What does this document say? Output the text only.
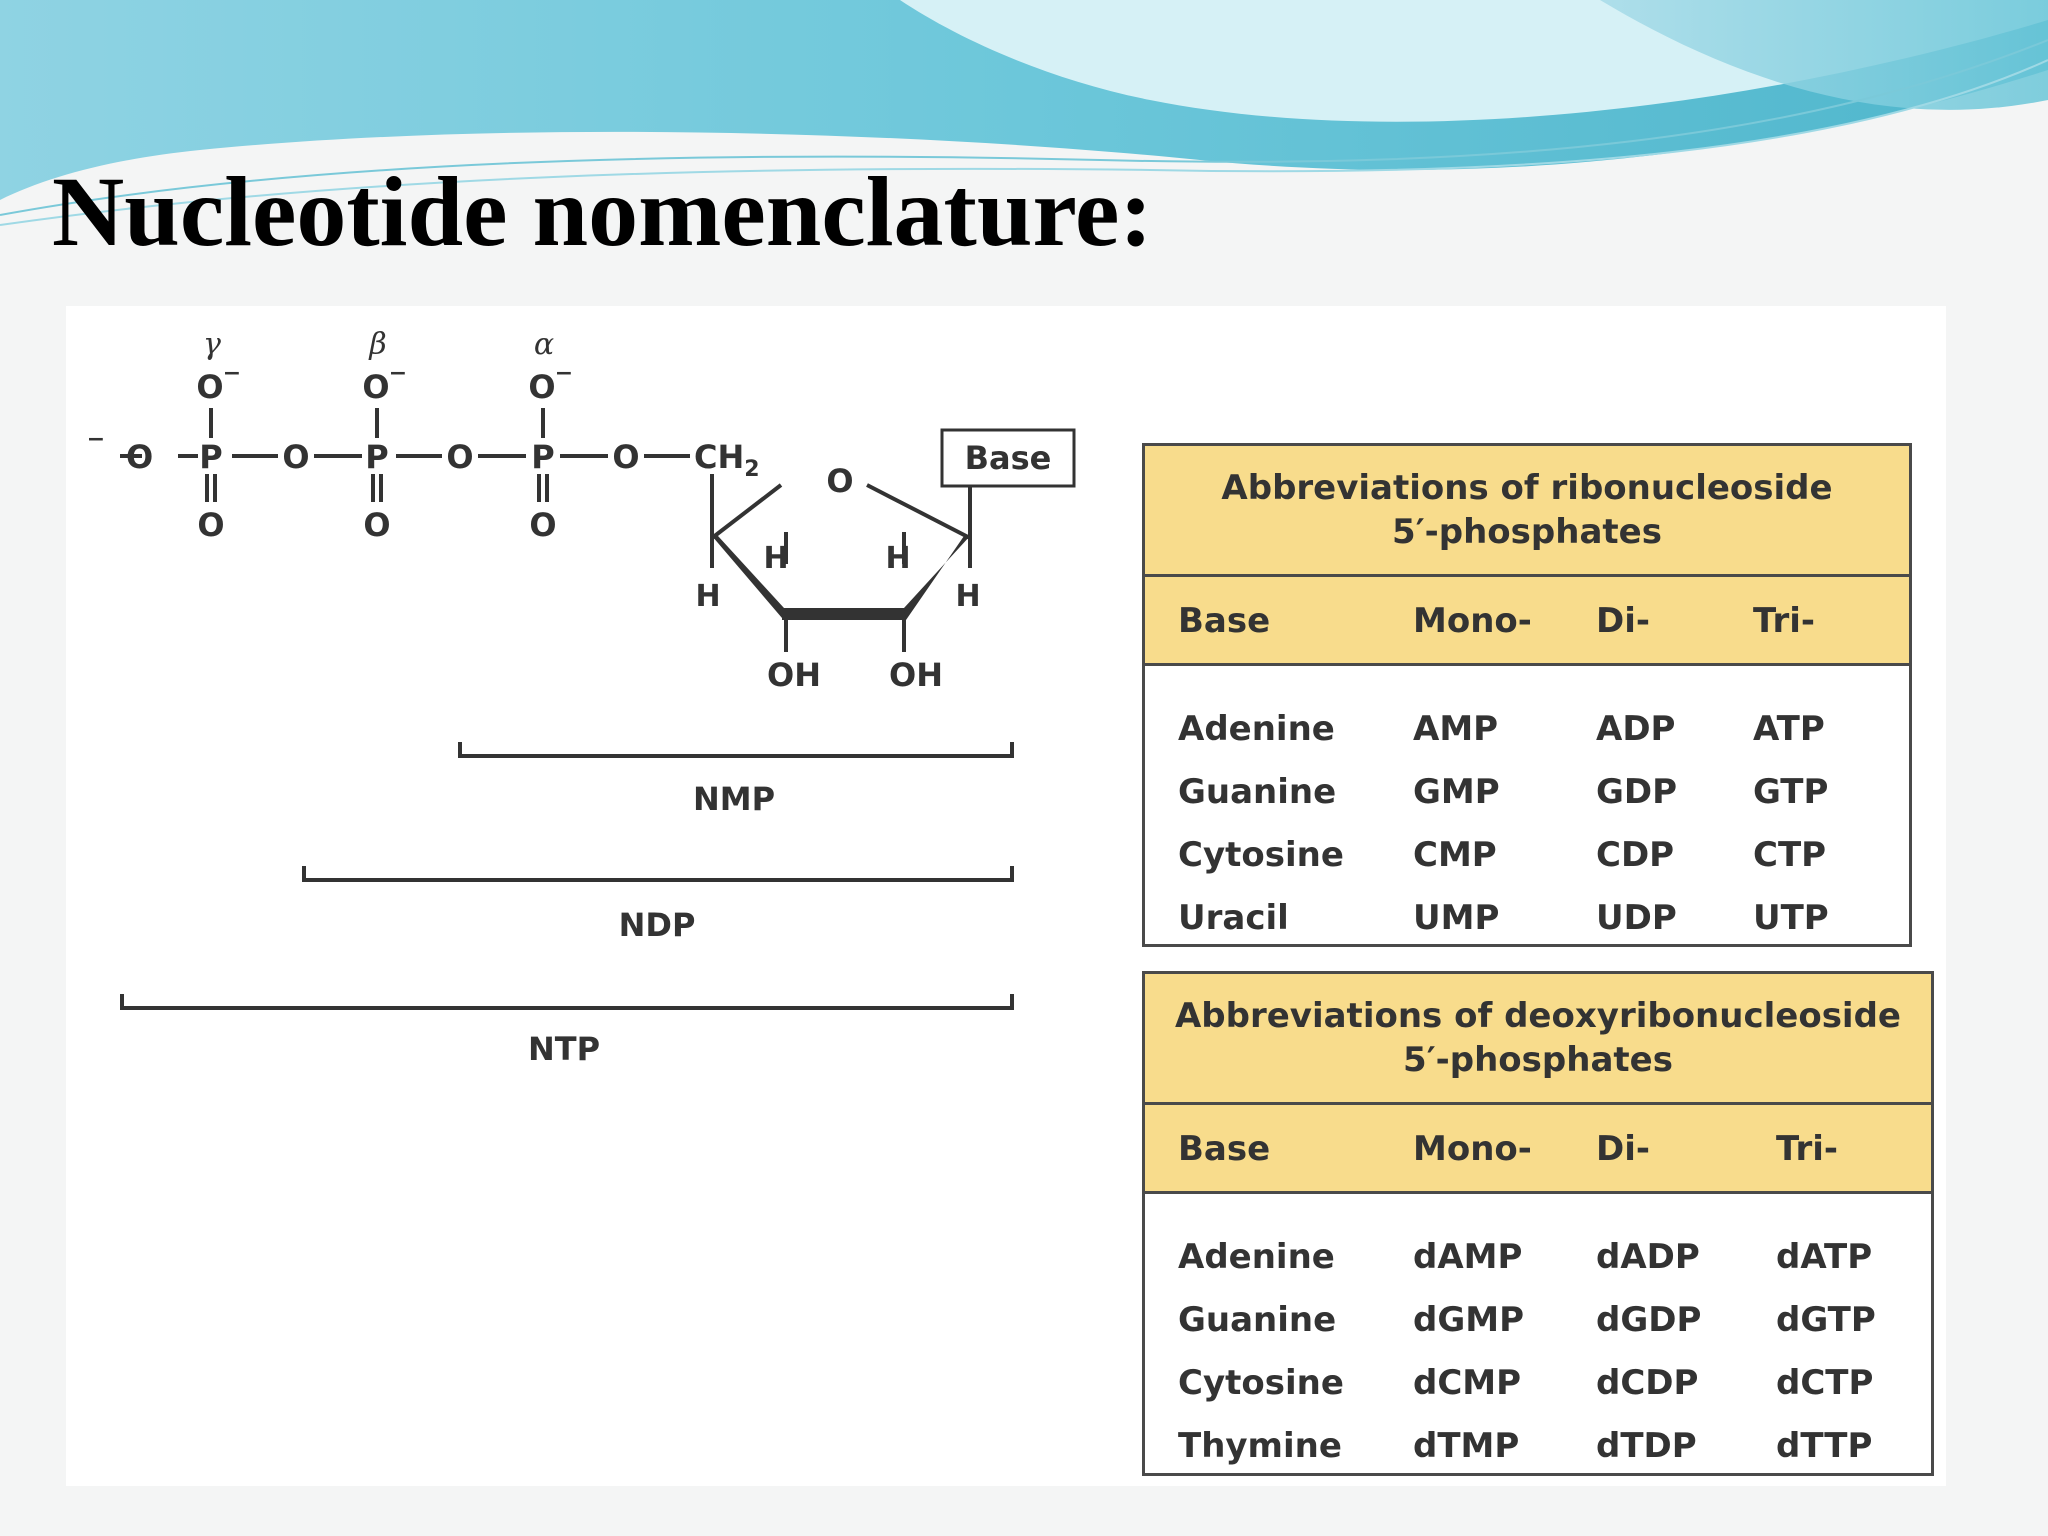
Nucleotide nomenclature:
γ	β	α
O	O	O
−	−	−
− O P O P O P O $CH_2$
O	O	O
O
Base
H	H
H	H
OH OH
NMP
NDP
NTP
Abbreviations of ribonucleoside
5′-phosphates
Base	Mono- Di-	Tri-
Adenine AMP	ADP ATP
Guanine GMP	GDP GTP
Cytosine CMP	CDP CTP
Uracil	UMP	UDP UTP
Abbreviations of deoxyribonucleoside
5′-phosphates
Base	Mono- Di-	Tri-
Adenine dAMP dADP dATP
Guanine dGMP dGDP dGTP
Cytosine dCMP dCDP dCTP
Thymine dTMP dTDP dTTP
